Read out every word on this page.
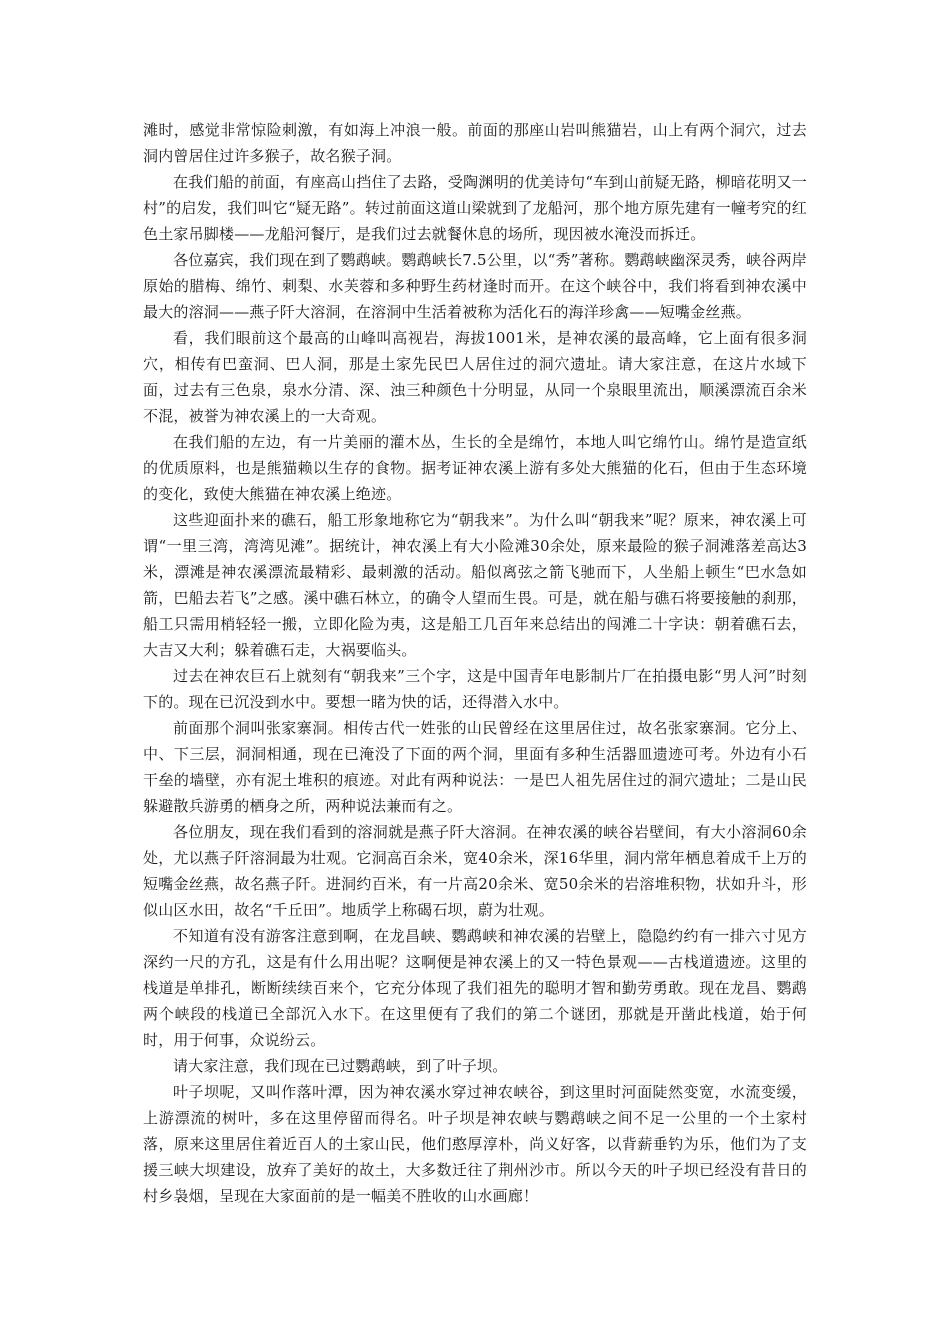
滩时，感觉非常惊险刺激，有如海上冲浪一般。前面的那座山岩叫熊猫岩，山上有两个洞穴，过去洞内曾居住过许多猴子，故名猴子洞。

在我们船的前面，有座高山挡住了去路，受陶渊明的优美诗句“车到山前疑无路，柳暗花明又一村”的启发，我们叫它“疑无路”。转过前面这道山梁就到了龙船河，那个地方原先建有一幢考究的红色土家吊脚楼——龙船河餐厅，是我们过去就餐休息的场所，现因被水淹没而拆迁。

各位嘉宾，我们现在到了鹦鹉峡。鹦鹉峡长7.5公里，以“秀”著称。鹦鹉峡幽深灵秀，峡谷两岸原始的腊梅、绵竹、刺梨、水芙蓉和多种野生药材逢时而开。在这个峡谷中，我们将看到神农溪中最大的溶洞——燕子阡大溶洞，在溶洞中生活着被称为活化石的海洋珍禽——短嘴金丝燕。

看，我们眼前这个最高的山峰叫高视岩，海拔1001米，是神农溪的最高峰，它上面有很多洞穴，相传有巴蛮洞、巴人洞，那是土家先民巴人居住过的洞穴遗址。请大家注意，在这片水域下面，过去有三色泉，泉水分清、深、浊三种颜色十分明显，从同一个泉眼里流出，顺溪漂流百余米不混，被誉为神农溪上的一大奇观。

在我们船的左边，有一片美丽的灌木丛，生长的全是绵竹，本地人叫它绵竹山。绵竹是造宣纸的优质原料，也是熊猫赖以生存的食物。据考证神农溪上游有多处大熊猫的化石，但由于生态环境的变化，致使大熊猫在神农溪上绝迹。

这些迎面扑来的礁石，船工形象地称它为“朝我来”。为什么叫“朝我来”呢？原来，神农溪上可谓“一里三湾，湾湾见滩”。据统计，神农溪上有大小险滩30余处，原来最险的猴子洞滩落差高达3米，漂滩是神农溪漂流最精彩、最刺激的活动。船似离弦之箭飞驰而下，人坐船上顿生“巴水急如箭，巴船去若飞”之感。溪中礁石林立，的确令人望而生畏。可是，就在船与礁石将要接触的刹那，船工只需用梢轻轻一搬，立即化险为夷，这是船工几百年来总结出的闯滩二十字诀：朝着礁石去，大吉又大利；躲着礁石走，大祸要临头。

过去在神农巨石上就刻有“朝我来”三个字，这是中国青年电影制片厂在拍摄电影“男人河”时刻下的。现在已沉没到水中。要想一睹为快的话，还得潜入水中。

前面那个洞叫张家寨洞。相传古代一姓张的山民曾经在这里居住过，故名张家寨洞。它分上、中、下三层，洞洞相通，现在已淹没了下面的两个洞，里面有多种生活器皿遗迹可考。外边有小石干垒的墙壁，亦有泥土堆积的痕迹。对此有两种说法：一是巴人祖先居住过的洞穴遗址；二是山民躲避散兵游勇的栖身之所，两种说法兼而有之。

各位朋友，现在我们看到的溶洞就是燕子阡大溶洞。在神农溪的峡谷岩壁间，有大小溶洞60余处，尤以燕子阡溶洞最为壮观。它洞高百余米，宽40余米，深16华里，洞内常年栖息着成千上万的短嘴金丝燕，故名燕子阡。进洞约百米，有一片高20余米、宽50余米的岩溶堆积物，状如升斗，形似山区水田，故名“千丘田”。地质学上称碣石坝，蔚为壮观。

不知道有没有游客注意到啊，在龙昌峡、鹦鹉峡和神农溪的岩壁上，隐隐约约有一排六寸见方深约一尺的方孔，这是有什么用出呢？这啊便是神农溪上的又一特色景观——古栈道遗迹。这里的栈道是单排孔，断断续续百来个，它充分体现了我们祖先的聪明才智和勤劳勇敢。现在龙昌、鹦鹉两个峡段的栈道已全部沉入水下。在这里便有了我们的第二个谜团，那就是开凿此栈道，始于何时，用于何事，众说纷云。

请大家注意，我们现在已过鹦鹉峡，到了叶子坝。

叶子坝呢，又叫作落叶潭，因为神农溪水穿过神农峡谷，到这里时河面陡然变宽，水流变缓，上游漂流的树叶，多在这里停留而得名。叶子坝是神农峡与鹦鹉峡之间不足一公里的一个土家村落，原来这里居住着近百人的土家山民，他们憨厚淳朴，尚义好客，以背薪垂钓为乐，他们为了支援三峡大坝建设，放弃了美好的故土，大多数迁往了荆州沙市。所以今天的叶子坝已经没有昔日的村乡袅烟，呈现在大家面前的是一幅美不胜收的山水画廊！
